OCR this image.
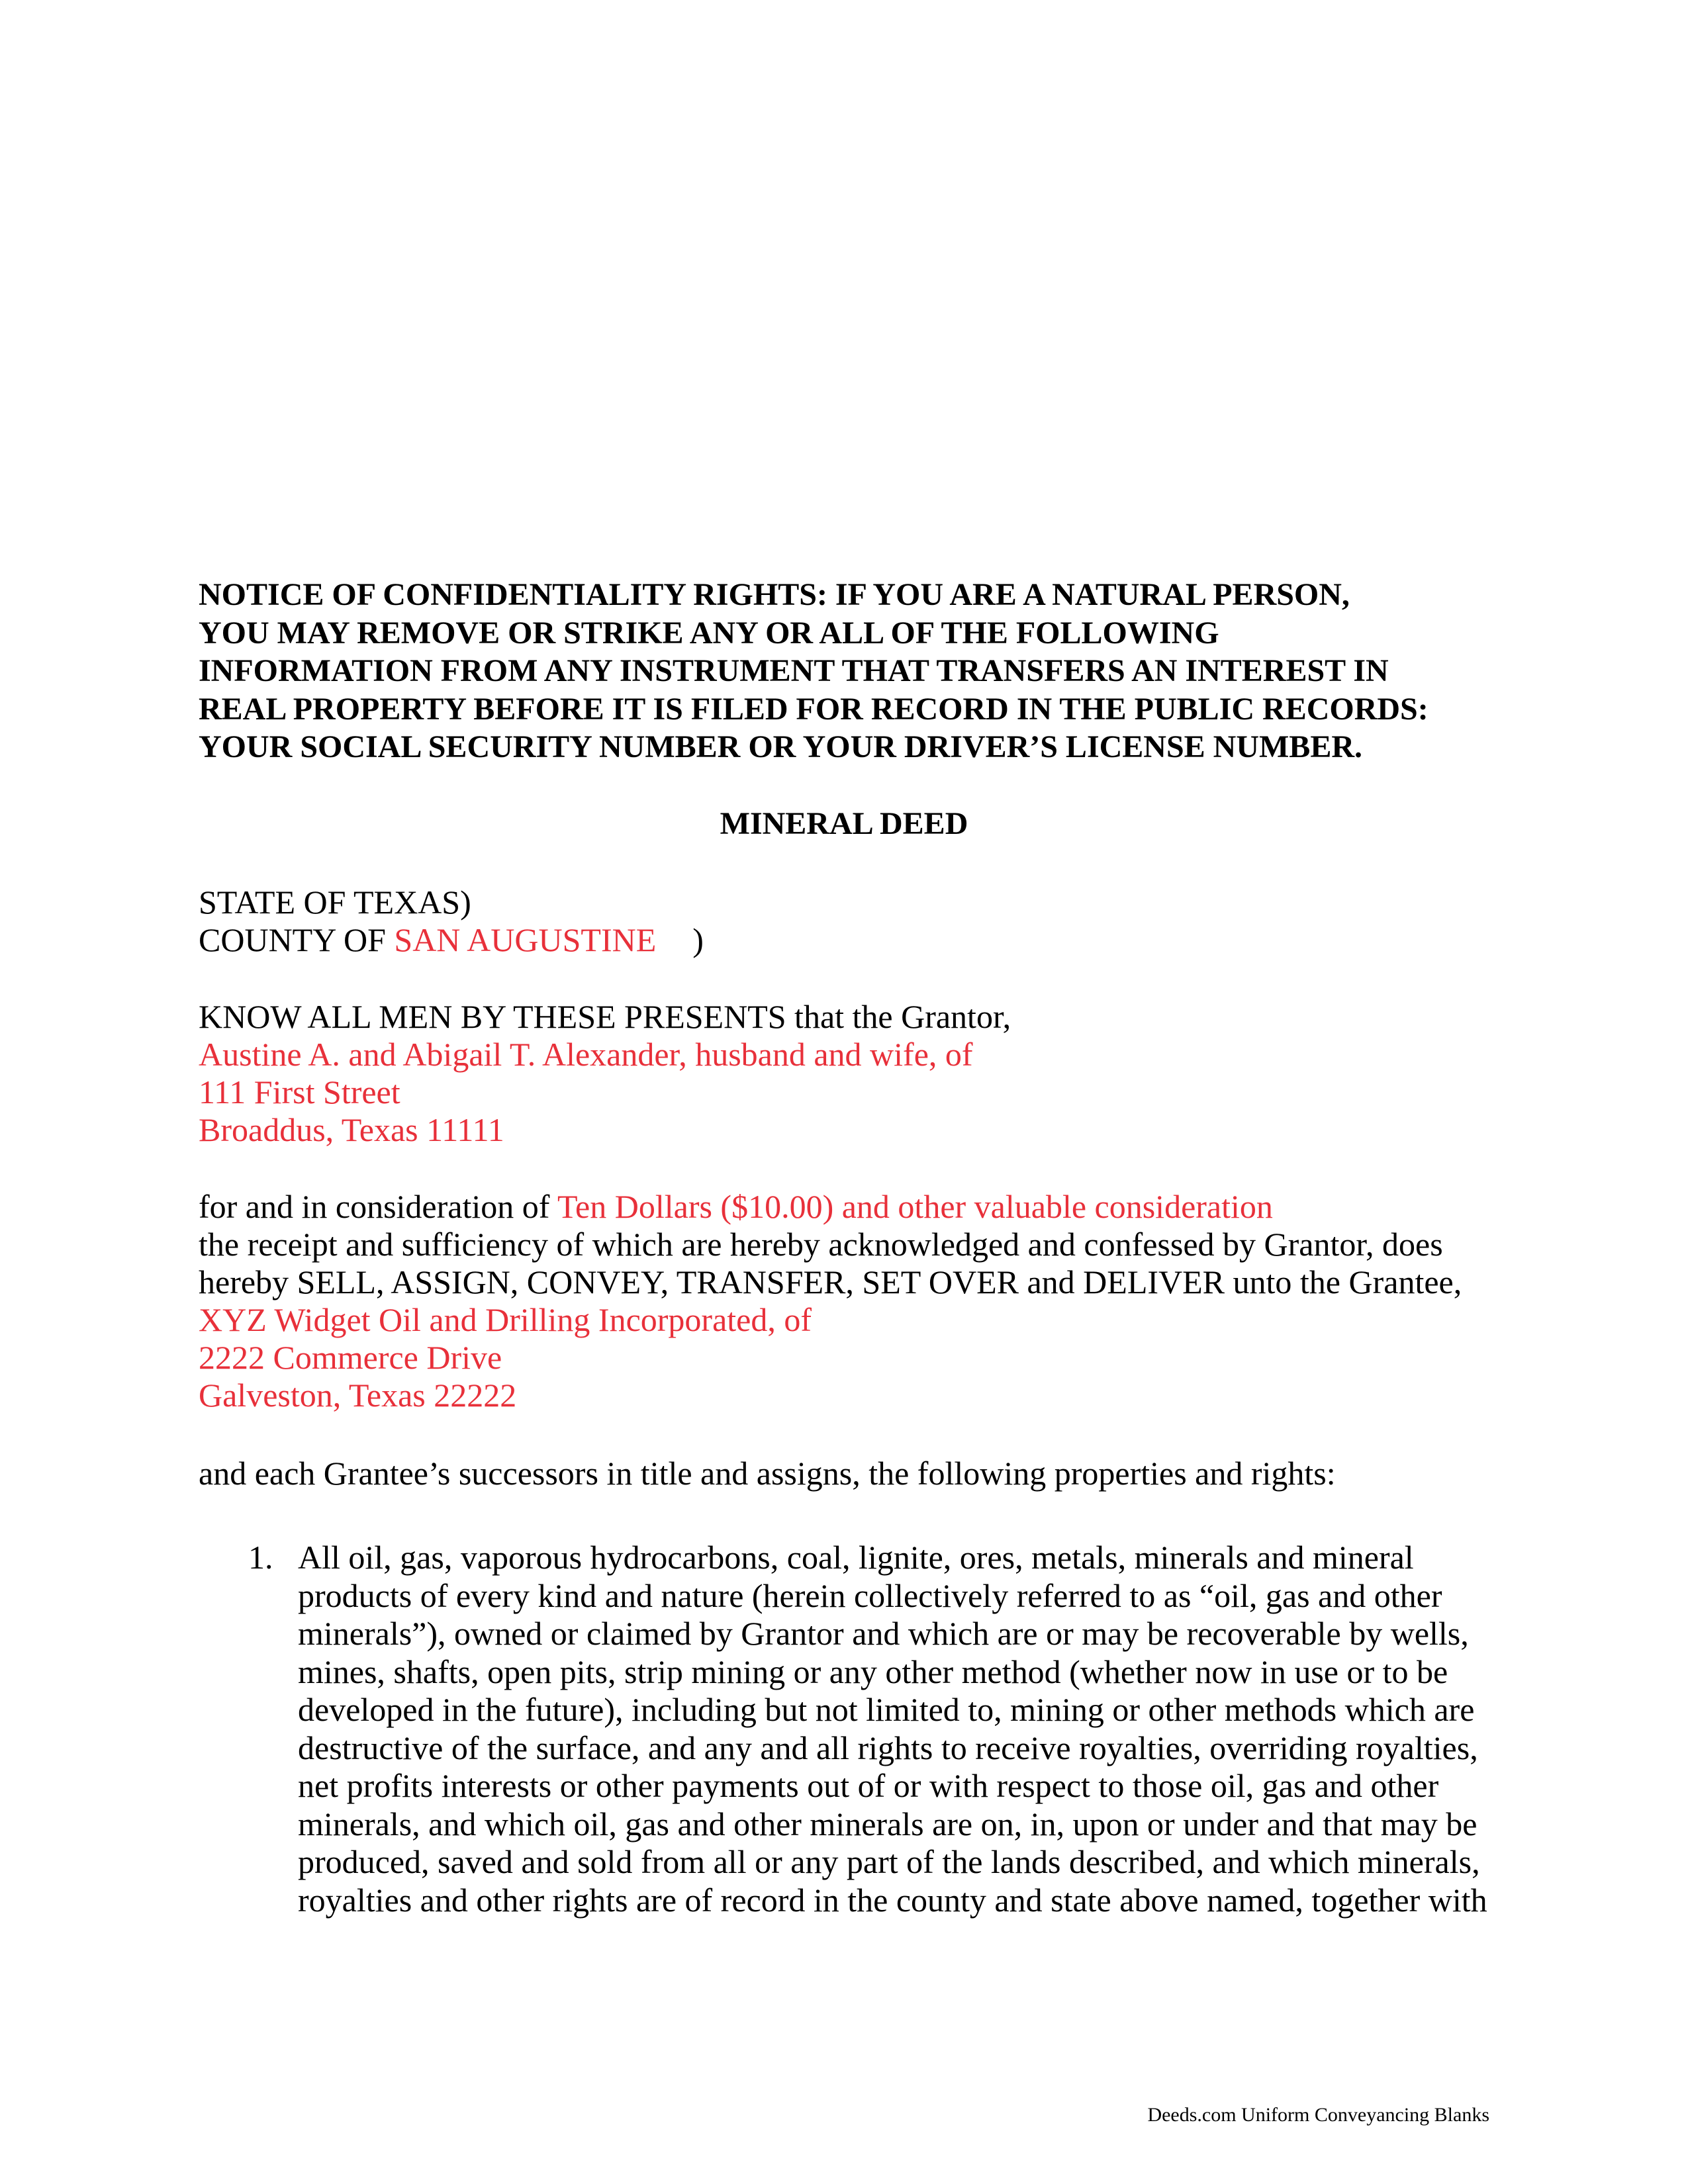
NOTICE OF CONFIDENTIALITY RIGHTS: IF YOU ARE A NATURAL PERSON,
YOU MAY REMOVE OR STRIKE ANY OR ALL OF THE FOLLOWING
INFORMATION FROM ANY INSTRUMENT THAT TRANSFERS AN INTEREST IN
REAL PROPERTY BEFORE IT IS FILED FOR RECORD IN THE PUBLIC RECORDS:
YOUR SOCIAL SECURITY NUMBER OR YOUR DRIVER’S LICENSE NUMBER.
MINERAL DEED
STATE OF TEXAS)
COUNTY OF SAN AUGUSTINE )
KNOW ALL MEN BY THESE PRESENTS that the Grantor,
Austine A. and Abigail T. Alexander, husband and wife, of
111 First Street
Broaddus, Texas 11111
for and in consideration of Ten Dollars ($10.00) and other valuable consideration
the receipt and sufficiency of which are hereby acknowledged and confessed by Grantor, does
hereby SELL, ASSIGN, CONVEY, TRANSFER, SET OVER and DELIVER unto the Grantee,
XYZ Widget Oil and Drilling Incorporated, of
2222 Commerce Drive
Galveston, Texas 22222
and each Grantee’s successors in title and assigns, the following properties and rights:
1. All oil, gas, vaporous hydrocarbons, coal, lignite, ores, metals, minerals and mineral
products of every kind and nature (herein collectively referred to as “oil, gas and other
minerals”), owned or claimed by Grantor and which are or may be recoverable by wells,
mines, shafts, open pits, strip mining or any other method (whether now in use or to be
developed in the future), including but not limited to, mining or other methods which are
destructive of the surface, and any and all rights to receive royalties, overriding royalties,
net profits interests or other payments out of or with respect to those oil, gas and other
minerals, and which oil, gas and other minerals are on, in, upon or under and that may be
produced, saved and sold from all or any part of the lands described, and which minerals,
royalties and other rights are of record in the county and state above named, together with
Deeds.com Uniform Conveyancing Blanks
